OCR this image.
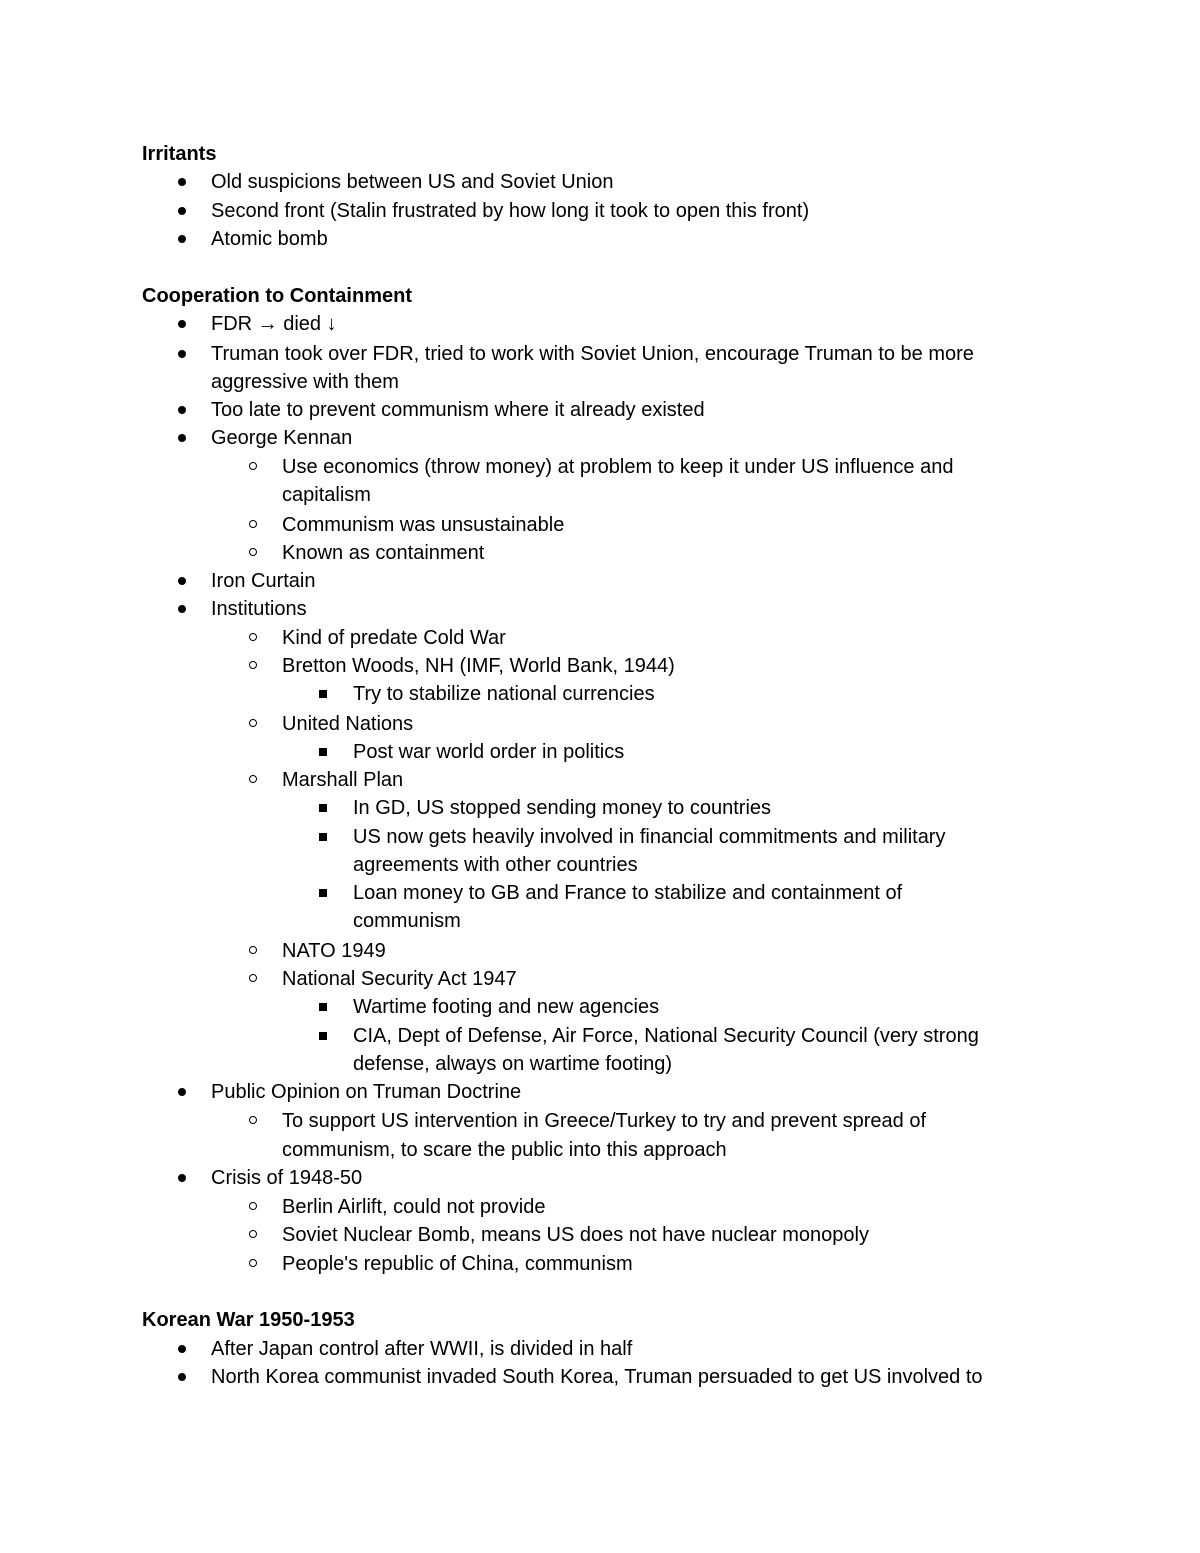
Irritants
Old suspicions between US and Soviet Union
Second front (Stalin frustrated by how long it took to open this front)
Atomic bomb
Cooperation to Containment
FDR → died ↓
Truman took over FDR, tried to work with Soviet Union, encourage Truman to be more
aggressive with them
Too late to prevent communism where it already existed
George Kennan
Use economics (throw money) at problem to keep it under US influence and
capitalism
Communism was unsustainable
Known as containment
Iron Curtain
Institutions
Kind of predate Cold War
Bretton Woods, NH (IMF, World Bank, 1944)
Try to stabilize national currencies
United Nations
Post war world order in politics
Marshall Plan
In GD, US stopped sending money to countries
US now gets heavily involved in financial commitments and military
agreements with other countries
Loan money to GB and France to stabilize and containment of
communism
NATO 1949
National Security Act 1947
Wartime footing and new agencies
CIA, Dept of Defense, Air Force, National Security Council (very strong
defense, always on wartime footing)
Public Opinion on Truman Doctrine
To support US intervention in Greece/Turkey to try and prevent spread of
communism, to scare the public into this approach
Crisis of 1948-50
Berlin Airlift, could not provide
Soviet Nuclear Bomb, means US does not have nuclear monopoly
People's republic of China, communism
Korean War 1950-1953
After Japan control after WWII, is divided in half
North Korea communist invaded South Korea, Truman persuaded to get US involved to
